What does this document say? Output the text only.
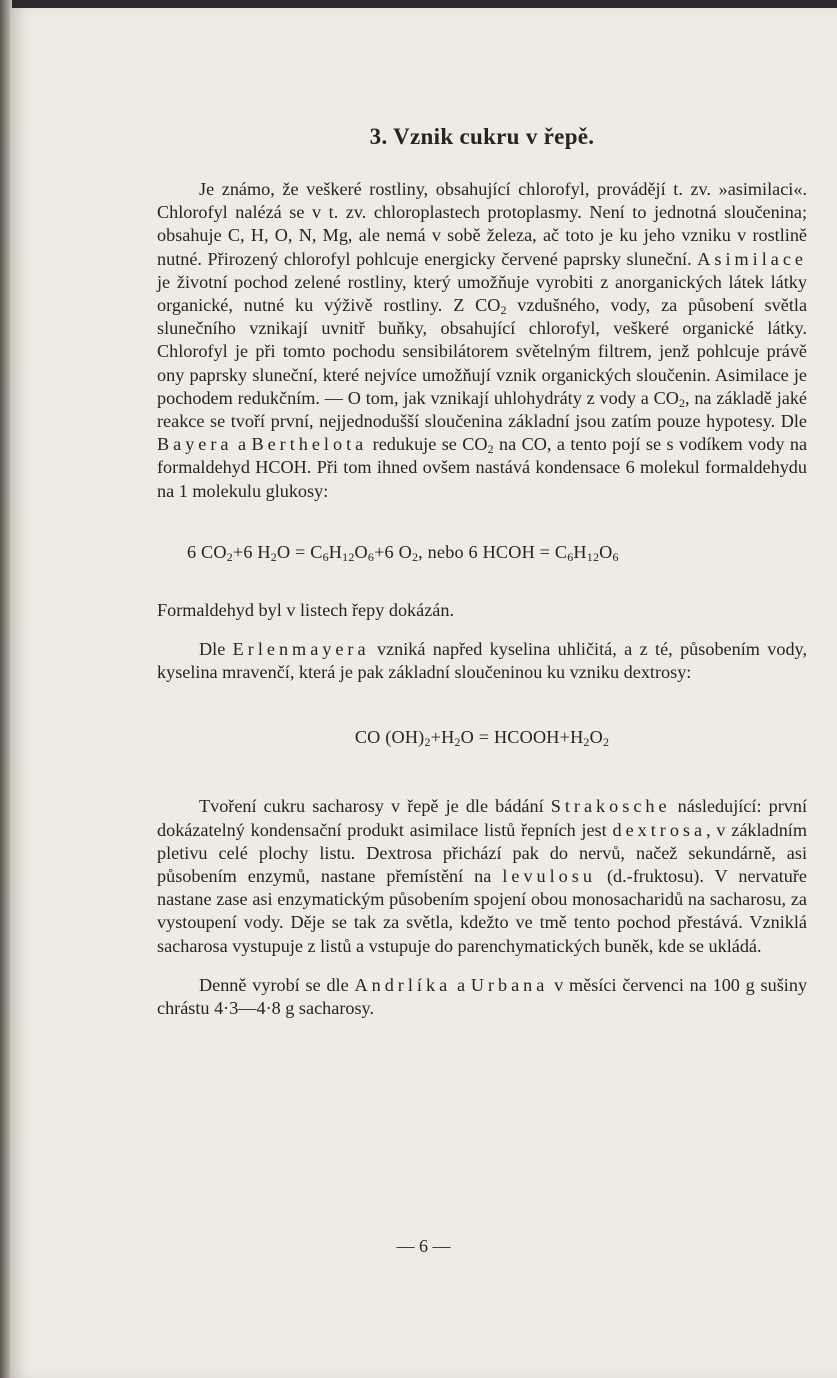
3. Vznik cukru v řepě.

Je známo, že veškeré rostliny, obsahující chlorofyl, provádějí t. zv. »asimilaci«. Chlorofyl nalézá se v t. zv. chloroplastech protoplasmy. Není to jednotná sloučenina; obsahuje C, H, O, N, Mg, ale nemá v sobě železa, ač toto je ku jeho vzniku v rostlině nutné. Přirozený chlorofyl pohlcuje energicky červené paprsky sluneční. Asimilace je životní pochod zelené rostliny, který umožňuje vyrobiti z anorganických látek látky organické, nutné ku výživě rostliny. Z $CO_2$ vzdušného, vody, za působení světla slunečního vznikají uvnitř buňky, obsahující chlorofyl, veškeré organické látky. Chlorofyl je při tomto pochodu sensibilátorem světelným filtrem, jenž pohlcuje právě ony paprsky sluneční, které nejvíce umožňují vznik organických sloučenin. Asimilace je pochodem redukčním. — O tom, jak vznikají uhlohydráty z vody a $CO_2$, na základě jaké reakce se tvoří první, nejjednodušší sloučenina základní jsou zatím pouze hypotesy. Dle Bayera a Berthelota redukuje se $CO_2$ na CO, a tento pojí se s vodíkem vody na formaldehyd HCOH. Při tom ihned ovšem nastává kondensace 6 molekul formaldehydu na 1 molekulu glukosy:

6 $CO_2+6$ $H_2O = C_6H_{12}O_6+6$ $O_2$, nebo 6 HCOH = $C_6H_{12}O_6$

Formaldehyd byl v listech řepy dokázán.

Dle Erlenmayera vzniká napřed kyselina uhličitá, a z té, působením vody, kyselina mravenčí, která je pak základní sloučeninou ku vzniku dextrosy:

CO $(OH)_2+H_2O$ = $HCOOH+H_2O_2$

Tvoření cukru sacharosy v řepě je dle bádání Strakosche následující: první dokázatelný kondensační produkt asimilace listů řepních jest dextrosa, v základním pletivu celé plochy listu. Dextrosa přichází pak do nervů, načež sekundárně, asi působením enzymů, nastane přemístění na levulosu (d.-fruktosu). V nervatuře nastane zase asi enzymatickým působením spojení obou monosacharidů na sacharosu, za vystoupení vody. Děje se tak za světla, kdežto ve tmě tento pochod přestává. Vzniklá sacharosa vystupuje z listů a vstupuje do parenchymatických buněk, kde se ukládá.

Denně vyrobí se dle Andrlíka a Urbana v měsíci červenci na 100 g sušiny chrástu 4·3—4·8 g sacharosy.

— 6 —
